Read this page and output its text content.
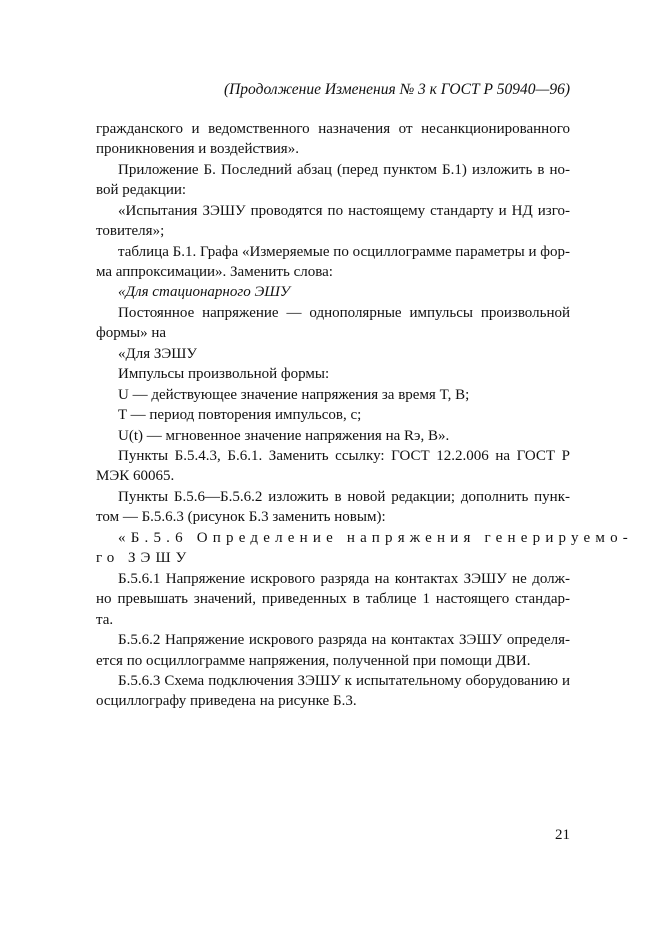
(Продолжение Изменения № 3 к ГОСТ Р 50940—96)
гражданского и ведомственного назначения от несанкционированного
проникновения и воздействия».
Приложение Б. Последний абзац (перед пунктом Б.1) изложить в но-
вой редакции:
«Испытания ЗЭШУ проводятся по настоящему стандарту и НД изго-
товителя»;
таблица Б.1. Графа «Измеряемые по осциллограмме параметры и фор-
ма аппроксимации». Заменить слова:
«Для стационарного ЭШУ
Постоянное напряжение — однополярные импульсы произвольной
формы» на
«Для ЗЭШУ
Импульсы произвольной формы:
U — действующее значение напряжения за время T, В;
T — период повторения импульсов, с;
U(t) — мгновенное значение напряжения на Rэ, В».
Пункты Б.5.4.3, Б.6.1. Заменить ссылку: ГОСТ 12.2.006 на ГОСТ Р
МЭК 60065.
Пункты Б.5.6—Б.5.6.2 изложить в новой редакции; дополнить пунк-
том — Б.5.6.3 (рисунок Б.3 заменить новым):
«Б.5.6 Определение напряжения генерируемо-
го ЗЭШУ
Б.5.6.1 Напряжение искрового разряда на контактах ЗЭШУ не долж-
но превышать значений, приведенных в таблице 1 настоящего стандар-
та.
Б.5.6.2 Напряжение искрового разряда на контактах ЗЭШУ определя-
ется по осциллограмме напряжения, полученной при помощи ДВИ.
Б.5.6.3 Схема подключения ЗЭШУ к испытательному оборудованию и
осциллографу приведена на рисунке Б.3.
21
